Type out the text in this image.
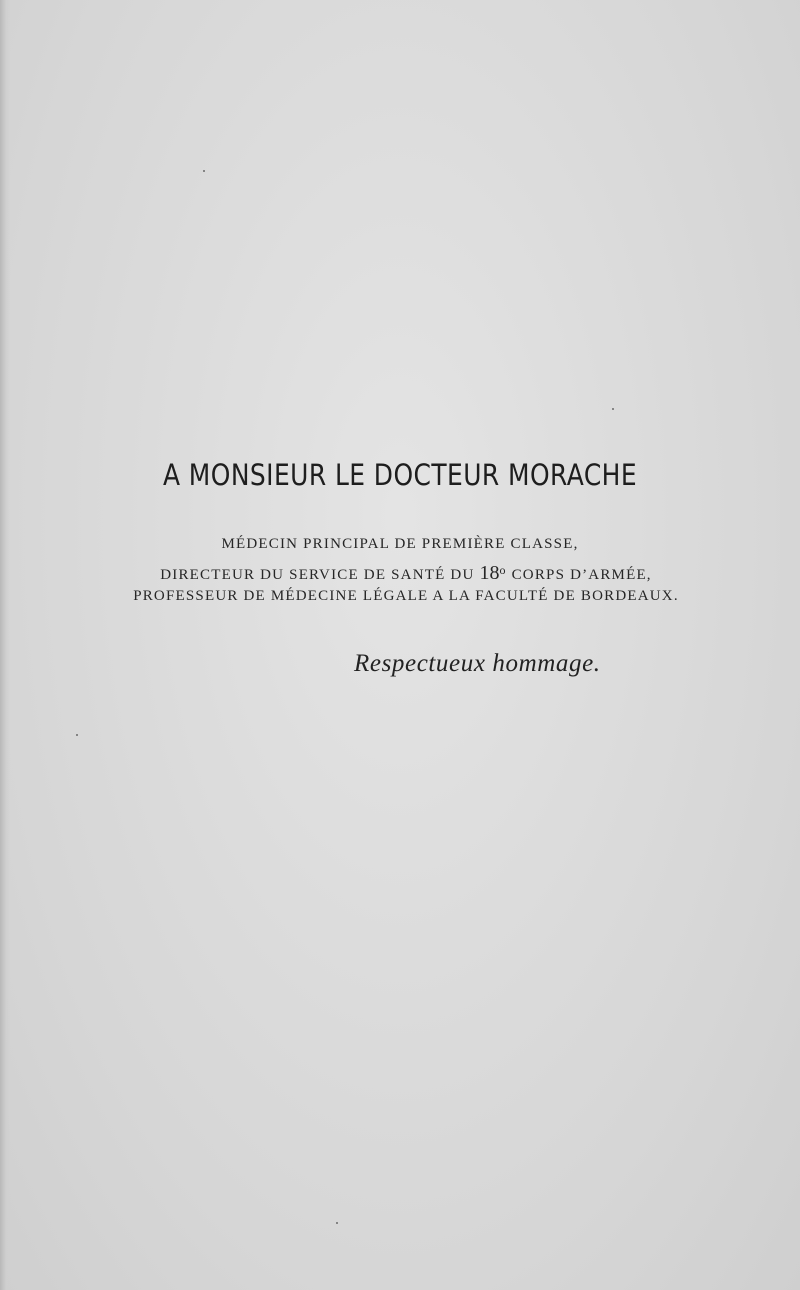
A MONSIEUR LE DOCTEUR MORACHE
MÉDECIN PRINCIPAL DE PREMIÈRE CLASSE,
DIRECTEUR DU SERVICE DE SANTÉ DU 18$^o$ CORPS D’ARMÉE,
PROFESSEUR DE MÉDECINE LÉGALE A LA FACULTÉ DE BORDEAUX.
Respectueux hommage.
